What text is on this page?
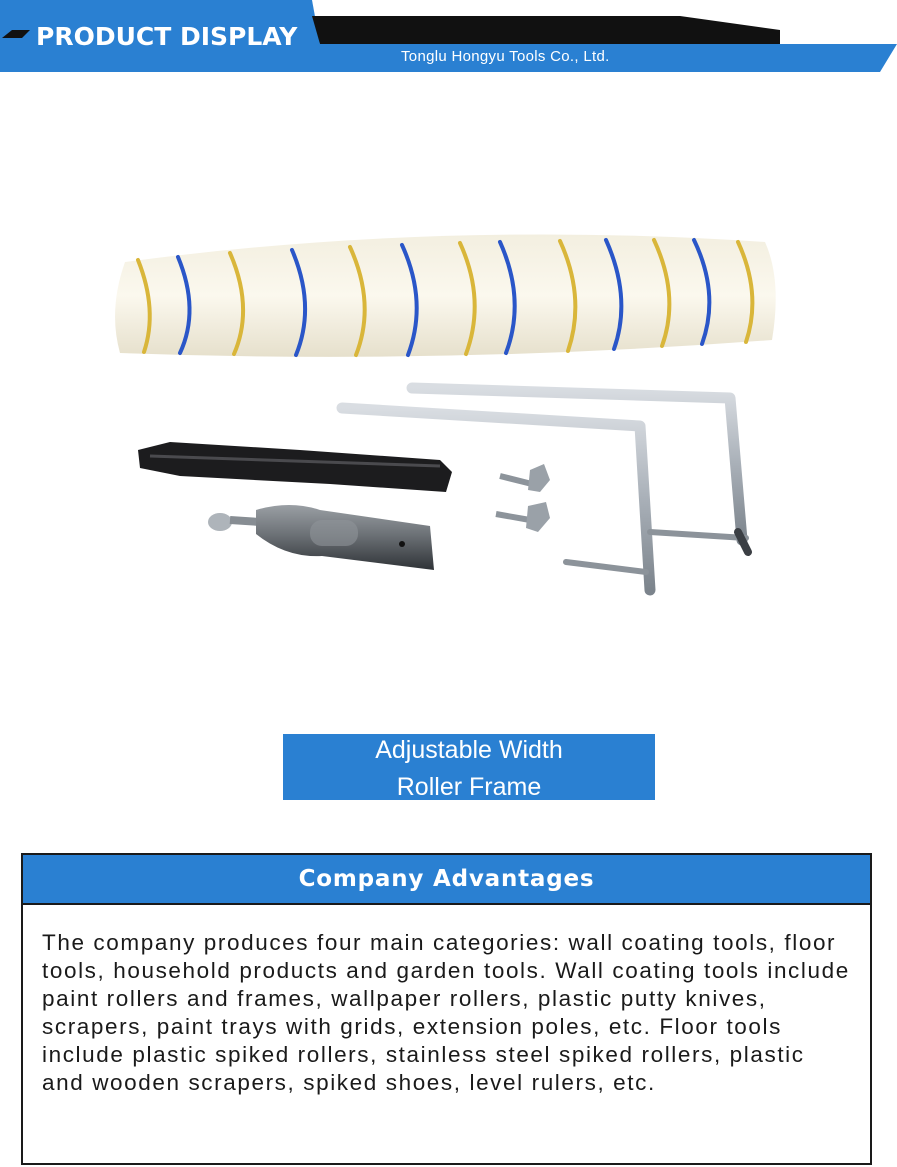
PRODUCT DISPLAY
Tonglu Hongyu Tools Co., Ltd.
Adjustable Width
Roller Frame
Company Advantages
The company produces four main categories: wall coating tools, floor tools, household products and garden tools. Wall coating tools include paint rollers and frames, wallpaper rollers, plastic putty knives, scrapers, paint trays with grids, extension poles, etc. Floor tools include plastic spiked rollers, stainless steel spiked rollers, plastic and wooden scrapers, spiked shoes, level rulers, etc.
